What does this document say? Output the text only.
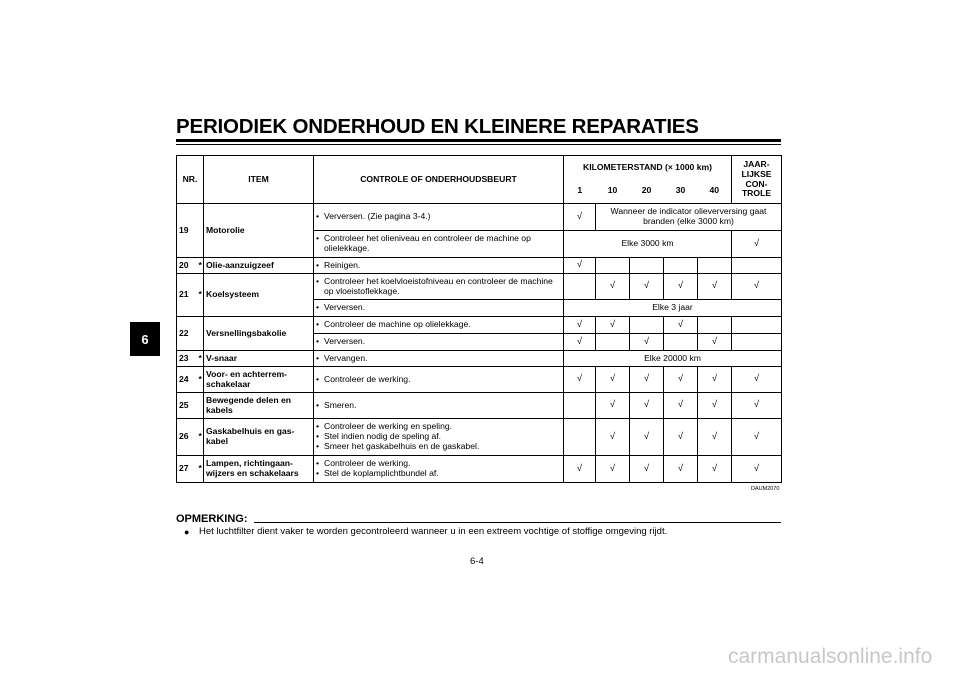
PERIODIEK ONDERHOUD EN KLEINERE REPARATIES
6
NR.		ITEM	CONTROLE OF ONDERHOUDSBEURT	KILOMETERSTAND (× 1000 km)					JAAR-LIJKSE CON-TROLE
				1	10	20	30	40	
19		Motorolie	• Verversen. (Zie pagina 3-4.)	√	Wanneer de indicator olieverversing gaat branden (elke 3000 km)				

			• Controleer het olieniveau en controleer de machine op olielekkage.	Elke 3000 km					√
20	*	Olie-aanzuigzeef	• Reinigen.	√					
21	*	Koelsysteem	• Controleer het koelvloeistofniveau en controleer de machine op vloeistoflekkage.		√	√	√	√	√

			• Verversen.	Elke 3 jaar					
22		Versnellingsbakolie	• Controleer de machine op olielekkage.	√	√		√		

			• Verversen.	√		√		√	
23	*	V-snaar	• Vervangen.	Elke 20000 km					
24	*	Voor- en achterrem-schakelaar	• Controleer de werking.	√	√	√	√	√	√
25		Bewegende delen en kabels	• Smeren.		√	√	√	√	√
26	*	Gaskabelhuis en gas-kabel	• Controleer de werking en speling.
• Stel indien nodig de speling af.
• Smeer het gaskabelhuis en de gaskabel.		√	√	√	√	√
27	*	Lampen, richtingaan-wijzers en schakelaars	• Controleer de werking.
• Stel de koplamplichtbundel af.	√	√	√	√	√	√
DAUM2070
OPMERKING:
● Het luchtfilter dient vaker te worden gecontroleerd wanneer u in een extreem vochtige of stoffige omgeving rijdt.
6-4
carmanualsonline.info
